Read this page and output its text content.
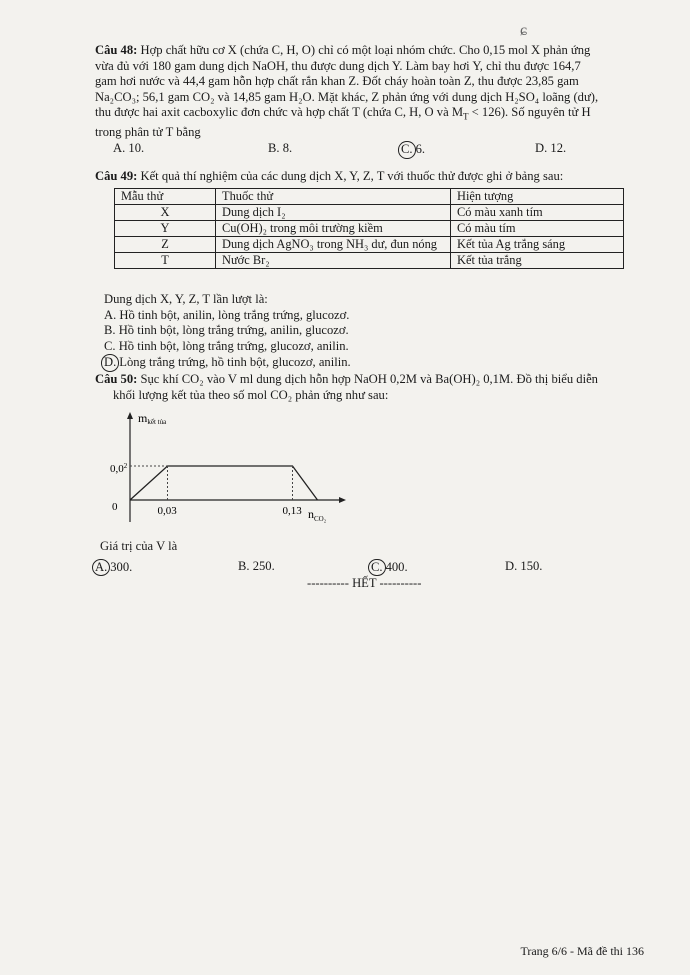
ɕ
Câu 48: Hợp chất hữu cơ X (chứa C, H, O) chỉ có một loại nhóm chức. Cho 0,15 mol X phản ứng
vừa đủ với 180 gam dung dịch NaOH, thu được dung dịch Y. Làm bay hơi Y, chỉ thu được 164,7
gam hơi nước và 44,4 gam hỗn hợp chất rắn khan Z. Đốt cháy hoàn toàn Z, thu được 23,85 gam
Na₂CO₃; 56,1 gam CO₂ và 14,85 gam H₂O. Mặt khác, Z phản ứng với dung dịch H₂SO₄ loãng (dư),
thu được hai axit cacboxylic đơn chức và hợp chất T (chứa C, H, O và $M_T < 126$). Số nguyên tử H
trong phân tử T bằng
A. 10.	B. 8.	C. 6.	D. 12.
Câu 49: Kết quả thí nghiệm của các dung dịch X, Y, Z, T với thuốc thử được ghi ở bảng sau:
Mẫu thử	Thuốc thử	Hiện tượng
X	Dung dịch I₂	Có màu xanh tím
Y	Cu(OH)₂ trong môi trường kiềm	Có màu tím
Z	Dung dịch AgNO₃ trong NH₃ dư, đun nóng	Kết tủa Ag trắng sáng
T	Nước Br₂	Kết tủa trắng
Dung dịch X, Y, Z, T lần lượt là:
A. Hồ tinh bột, anilin, lòng trắng trứng, glucozơ.
B. Hồ tinh bột, lòng trắng trứng, anilin, glucozơ.
C. Hồ tinh bột, lòng trắng trứng, glucozơ, anilin.
D. Lòng trắng trứng, hồ tinh bột, glucozơ, anilin.
Câu 50: Sục khí CO₂ vào V ml dung dịch hỗn hợp NaOH 0,2M và Ba(OH)₂ 0,1M. Đồ thị biểu diễn
khối lượng kết tủa theo số mol CO₂ phản ứng như sau:
mkết tủa
$n_{CO_2}$
0
$0,0^2$
0,03	0,13
Giá trị của V là
A. 300.	B. 250.	C. 400.	D. 150.
---------- HẾT ----------
Trang 6/6 - Mã đề thi 136
